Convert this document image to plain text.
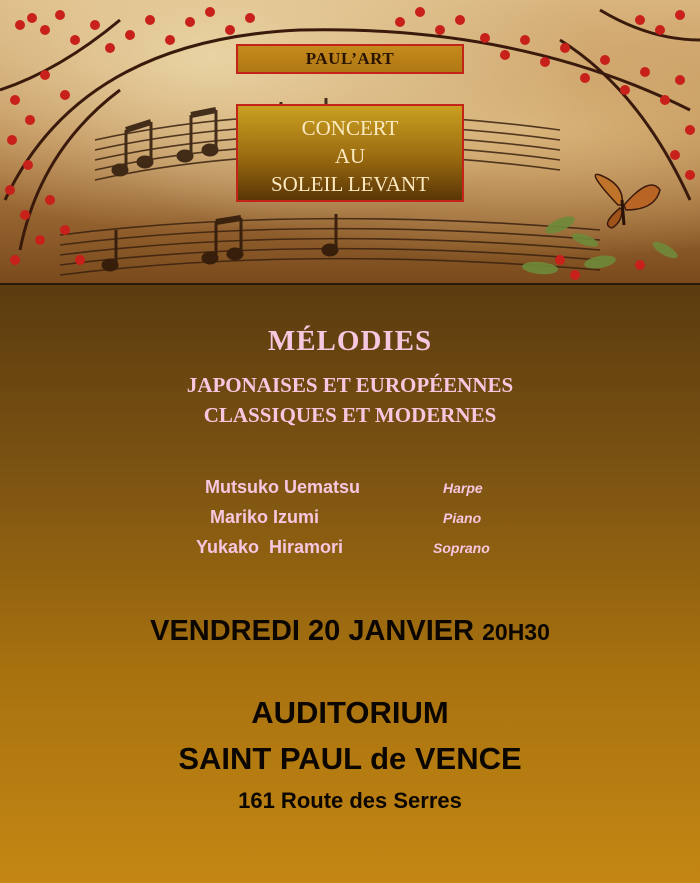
PAUL’ART
CONCERT
AU
SOLEIL LEVANT
MÉLODIES
JAPONAISES ET EUROPÉENNES
CLASSIQUES ET MODERNES
Mutsuko Uematsu	Harpe
Mariko Izumi	Piano
Yukako  Hiramori	Soprano
VENDREDI 20 JANVIER 20H30
AUDITORIUM
SAINT PAUL de VENCE
161 Route des Serres
